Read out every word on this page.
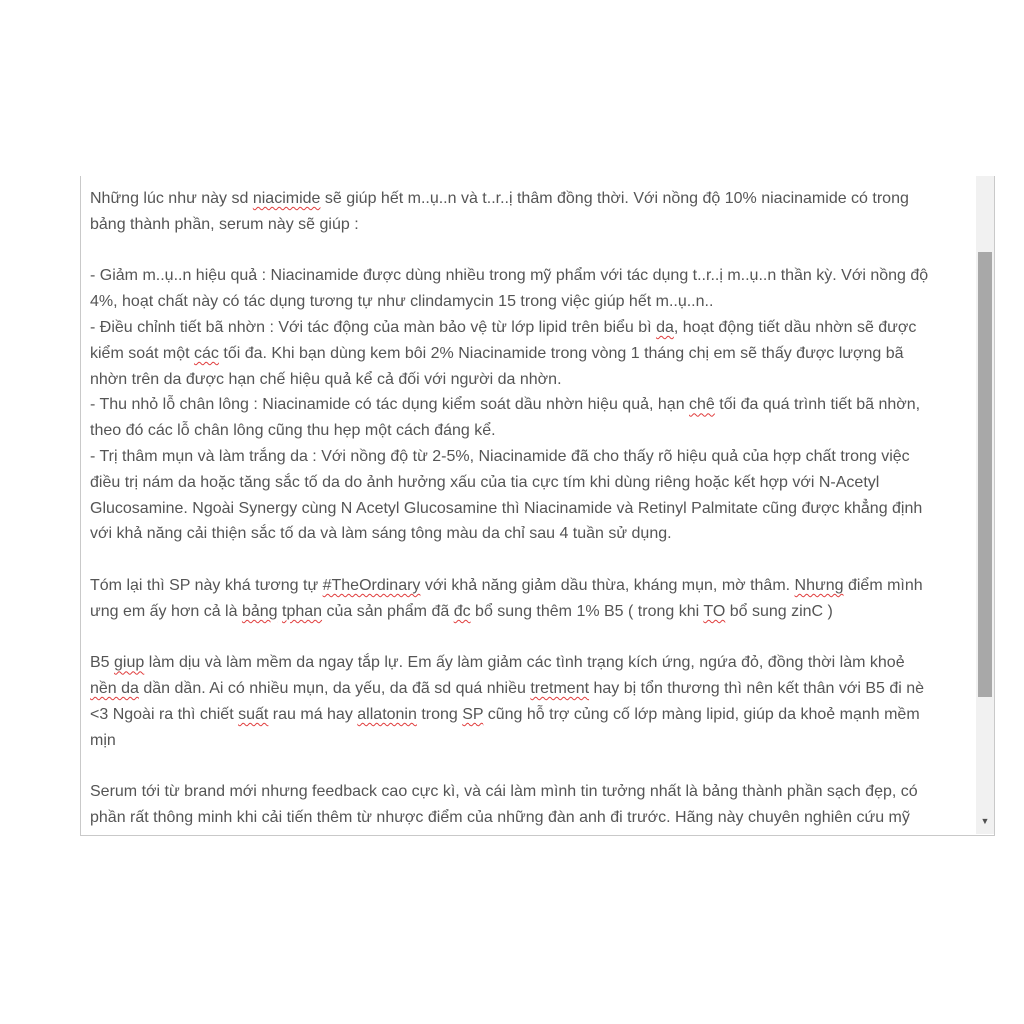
Những lúc như này sd niacimide sẽ giúp hết m..ụ..n và t..r..ị thâm đồng thời. Với nồng độ 10% niacinamide có trong
bảng thành phần, serum này sẽ giúp :
- Giảm m..ụ..n hiệu quả : Niacinamide được dùng nhiều trong mỹ phẩm với tác dụng t..r..ị m..ụ..n thần kỳ. Với nồng độ
4%, hoạt chất này có tác dụng tương tự như clindamycin 15 trong việc giúp hết m..ụ..n..
- Điều chỉnh tiết bã nhờn : Với tác động của màn bảo vệ từ lớp lipid trên biểu bì da, hoạt động tiết dầu nhờn sẽ được
kiểm soát một các tối đa. Khi bạn dùng kem bôi 2% Niacinamide trong vòng 1 tháng chị em sẽ thấy được lượng bã
nhờn trên da được hạn chế hiệu quả kể cả đối với người da nhờn.
- Thu nhỏ lỗ chân lông : Niacinamide có tác dụng kiểm soát dầu nhờn hiệu quả, hạn chê tối đa quá trình tiết bã nhờn,
theo đó các lỗ chân lông cũng thu hẹp một cách đáng kể.
- Trị thâm mụn và làm trắng da : Với nồng độ từ 2-5%, Niacinamide đã cho thấy rõ hiệu quả của hợp chất trong việc
điều trị nám da hoặc tăng sắc tố da do ảnh hưởng xấu của tia cực tím khi dùng riêng hoặc kết hợp với N-Acetyl
Glucosamine. Ngoài Synergy cùng N Acetyl Glucosamine thì Niacinamide và Retinyl Palmitate cũng được khẳng định
với khả năng cải thiện sắc tố da và làm sáng tông màu da chỉ sau 4 tuần sử dụng.
Tóm lại thì SP này khá tương tự #TheOrdinary với khả năng giảm dầu thừa, kháng mụn, mờ thâm. Nhưng điểm mình
ưng em ấy hơn cả là bảng tphan của sản phẩm đã đc bổ sung thêm 1% B5 ( trong khi TO bổ sung zinC )
B5 giup làm dịu và làm mềm da ngay tắp lự. Em ấy làm giảm các tình trạng kích ứng, ngứa đỏ, đồng thời làm khoẻ
nền da dần dần. Ai có nhiều mụn, da yếu, da đã sd quá nhiều tretment hay bị tổn thương thì nên kết thân với B5 đi nè
<3 Ngoài ra thì chiết suất rau má hay allatonin trong SP cũng hỗ trợ củng cố lớp màng lipid, giúp da khoẻ mạnh mềm
mịn
Serum tới từ brand mới nhưng feedback cao cực kì, và cái làm mình tin tưởng nhất là bảng thành phần sạch đẹp, có
phần rất thông minh khi cải tiến thêm từ nhược điểm của những đàn anh đi trước. Hãng này chuyên nghiên cứu mỹ	▼
